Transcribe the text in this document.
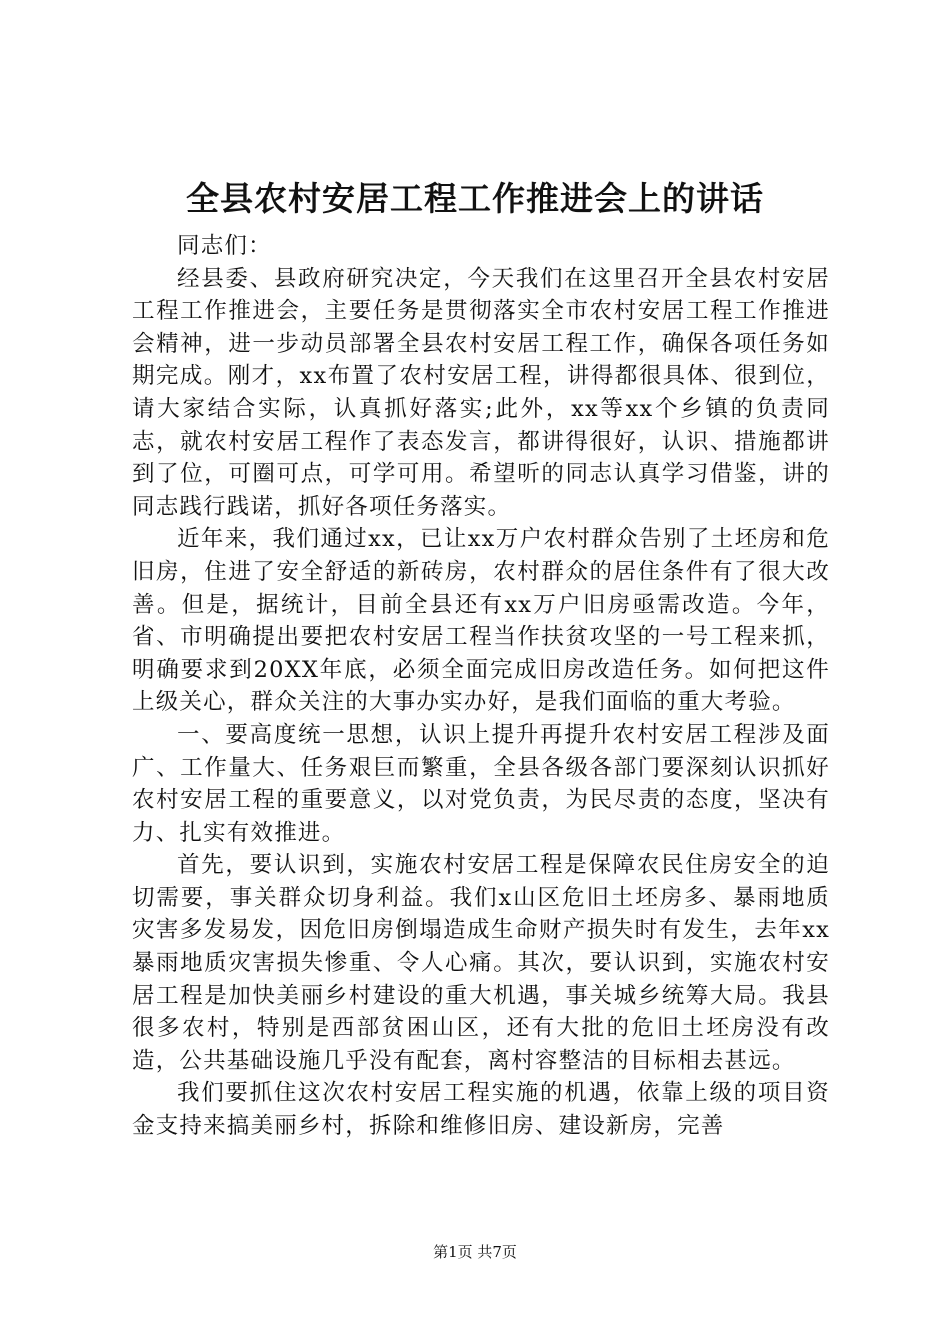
全县农村安居工程工作推进会上的讲话

同志们：

经县委、县政府研究决定，今天我们在这里召开全县农村安居工程工作推进会，主要任务是贯彻落实全市农村安居工程工作推进会精神，进一步动员部署全县农村安居工程工作，确保各项任务如期完成。刚才，xx布置了农村安居工程，讲得都很具体、很到位，请大家结合实际，认真抓好落实;此外，xx等xx个乡镇的负责同志，就农村安居工程作了表态发言，都讲得很好，认识、措施都讲到了位，可圈可点，可学可用。希望听的同志认真学习借鉴，讲的同志践行践诺，抓好各项任务落实。

近年来，我们通过xx，已让xx万户农村群众告别了土坯房和危旧房，住进了安全舒适的新砖房，农村群众的居住条件有了很大改善。但是，据统计，目前全县还有xx万户旧房亟需改造。今年，省、市明确提出要把农村安居工程当作扶贫攻坚的一号工程来抓，明确要求到20XX年底，必须全面完成旧房改造任务。如何把这件上级关心，群众关注的大事办实办好，是我们面临的重大考验。

一、要高度统一思想，认识上提升再提升农村安居工程涉及面广、工作量大、任务艰巨而繁重，全县各级各部门要深刻认识抓好农村安居工程的重要意义，以对党负责，为民尽责的态度，坚决有力、扎实有效推进。

首先，要认识到，实施农村安居工程是保障农民住房安全的迫切需要，事关群众切身利益。我们x山区危旧土坯房多、暴雨地质灾害多发易发，因危旧房倒塌造成生命财产损失时有发生，去年xx暴雨地质灾害损失惨重、令人心痛。其次，要认识到，实施农村安居工程是加快美丽乡村建设的重大机遇，事关城乡统筹大局。我县很多农村，特别是西部贫困山区，还有大批的危旧土坯房没有改造，公共基础设施几乎没有配套，离村容整洁的目标相去甚远。

我们要抓住这次农村安居工程实施的机遇，依靠上级的项目资金支持来搞美丽乡村，拆除和维修旧房、建设新房，完善

第1页 共7页
